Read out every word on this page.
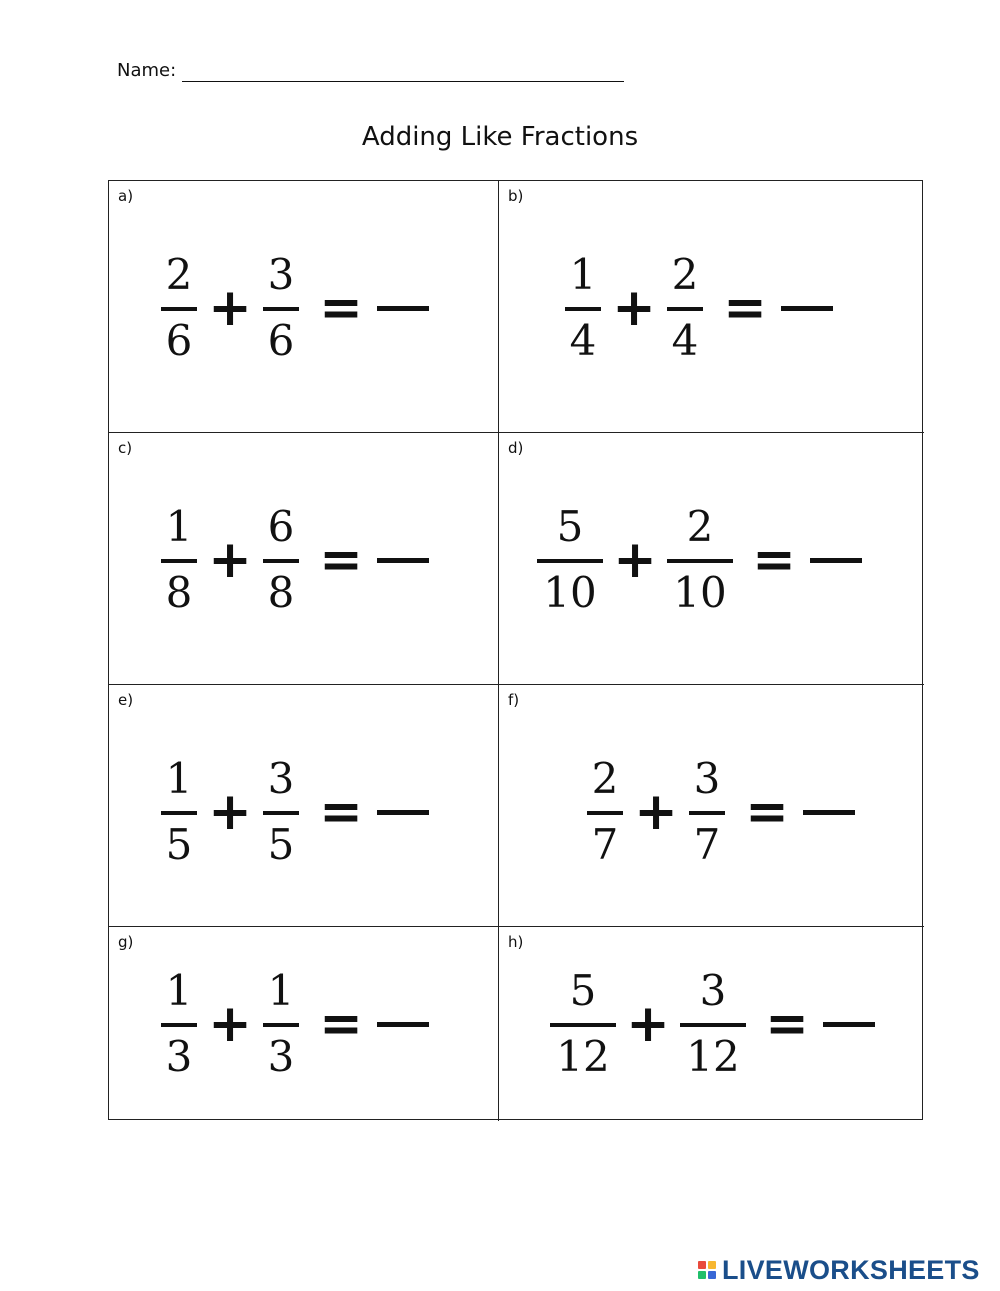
Name:
Adding Like Fractions
a)
$\frac{2}{6} + \frac{3}{6}$ =
b)
$\frac{1}{4} + \frac{2}{4}$ =
c)
$\frac{1}{8} + \frac{6}{8}$ =
d)
$\frac{5}{10} + \frac{2}{10}$ =
e)
$\frac{1}{5} + \frac{3}{5}$ =
f)
$\frac{2}{7} + \frac{3}{7}$ =
g)
$\frac{1}{3} + \frac{1}{3}$ =
h)
$\frac{5}{12} + \frac{3}{12}$ =
LIVEWORKSHEETS
